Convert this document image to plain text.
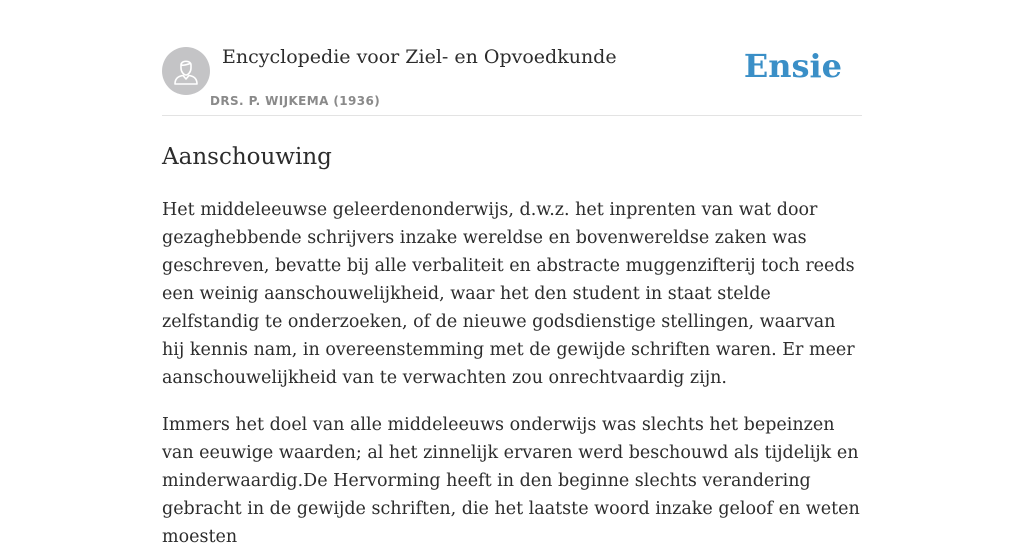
Encyclopedie voor Ziel- en Opvoedkunde
DRS. P. WIJKEMA (1936)
Ensie
Aanschouwing

Het middeleeuwse geleerdenonderwijs, d.w.z. het inprenten van wat door gezaghebbende schrijvers inzake wereldse en bovenwereldse zaken was geschreven, bevatte bij alle verbaliteit en abstracte muggenzifterij toch reeds een weinig aanschouwelijkheid, waar het den student in staat stelde zelfstandig te onderzoeken, of de nieuwe godsdienstige stellingen, waarvan hij kennis nam, in overeenstemming met de gewijde schriften waren. Er meer aanschouwelijkheid van te verwachten zou onrechtvaardig zijn.

Immers het doel van alle middeleeuws onderwijs was slechts het bepeinzen van eeuwige waarden; al het zinnelijk ervaren werd beschouwd als tijdelijk en minderwaardig.De Hervorming heeft in den beginne slechts verandering gebracht in de gewijde schriften, die het laatste woord inzake geloof en weten moesten
